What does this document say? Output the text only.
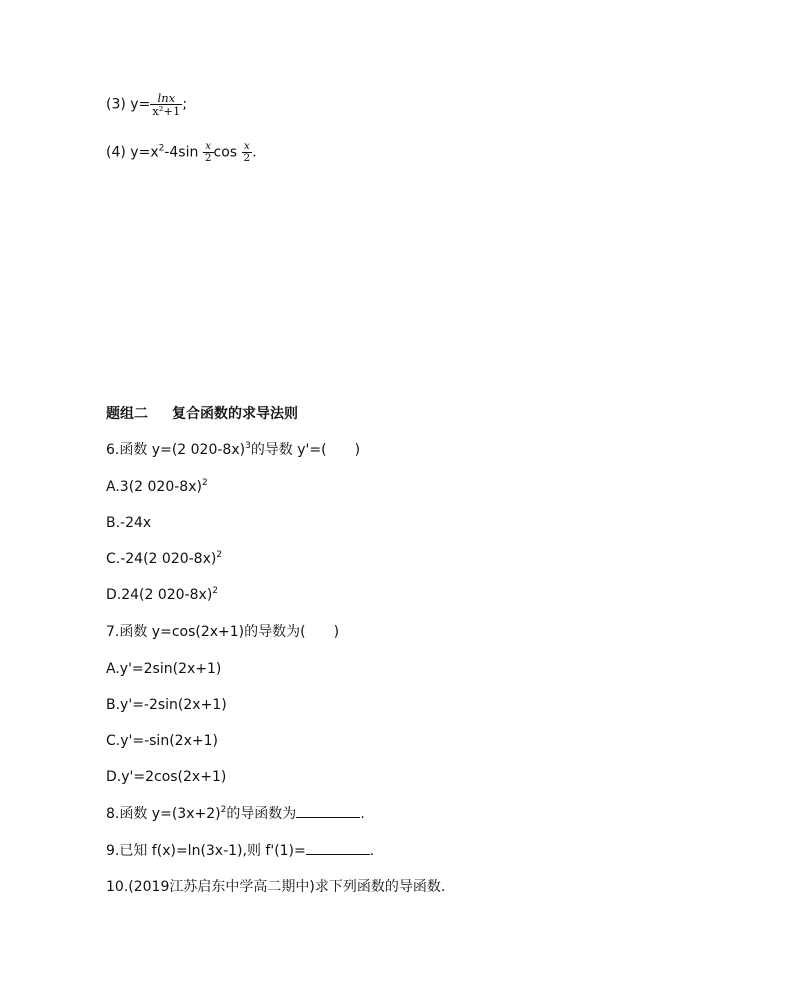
(3) $y= \frac{\ln x}{\text{x²+1}}$ ;
(4) $y=x^2-4\sin \frac{x}{2}$ $\cos \frac{x}{2}$ .
题组二 复合函数的求导法则
6.函数 y=(2 020-8x)$^3$的导数 y'=(　　)
A.3(2 020-8x)$^2$
B.-24x
C.-24(2 020-8x)$^2$
D.24(2 020-8x)$^2$
7.函数 y=cos(2x+1)的导数为(　　)
A.y'=2sin(2x+1)
B.y'=-2sin(2x+1)
C.y'=-sin(2x+1)
D.y'=2cos(2x+1)
8.函数 $y=(3x+2)^2$的导函数为	.
9.已知 f(x)=ln(3x-1),则 f'(1)=	.
10.(2019江苏启东中学高二期中)求下列函数的导函数.
